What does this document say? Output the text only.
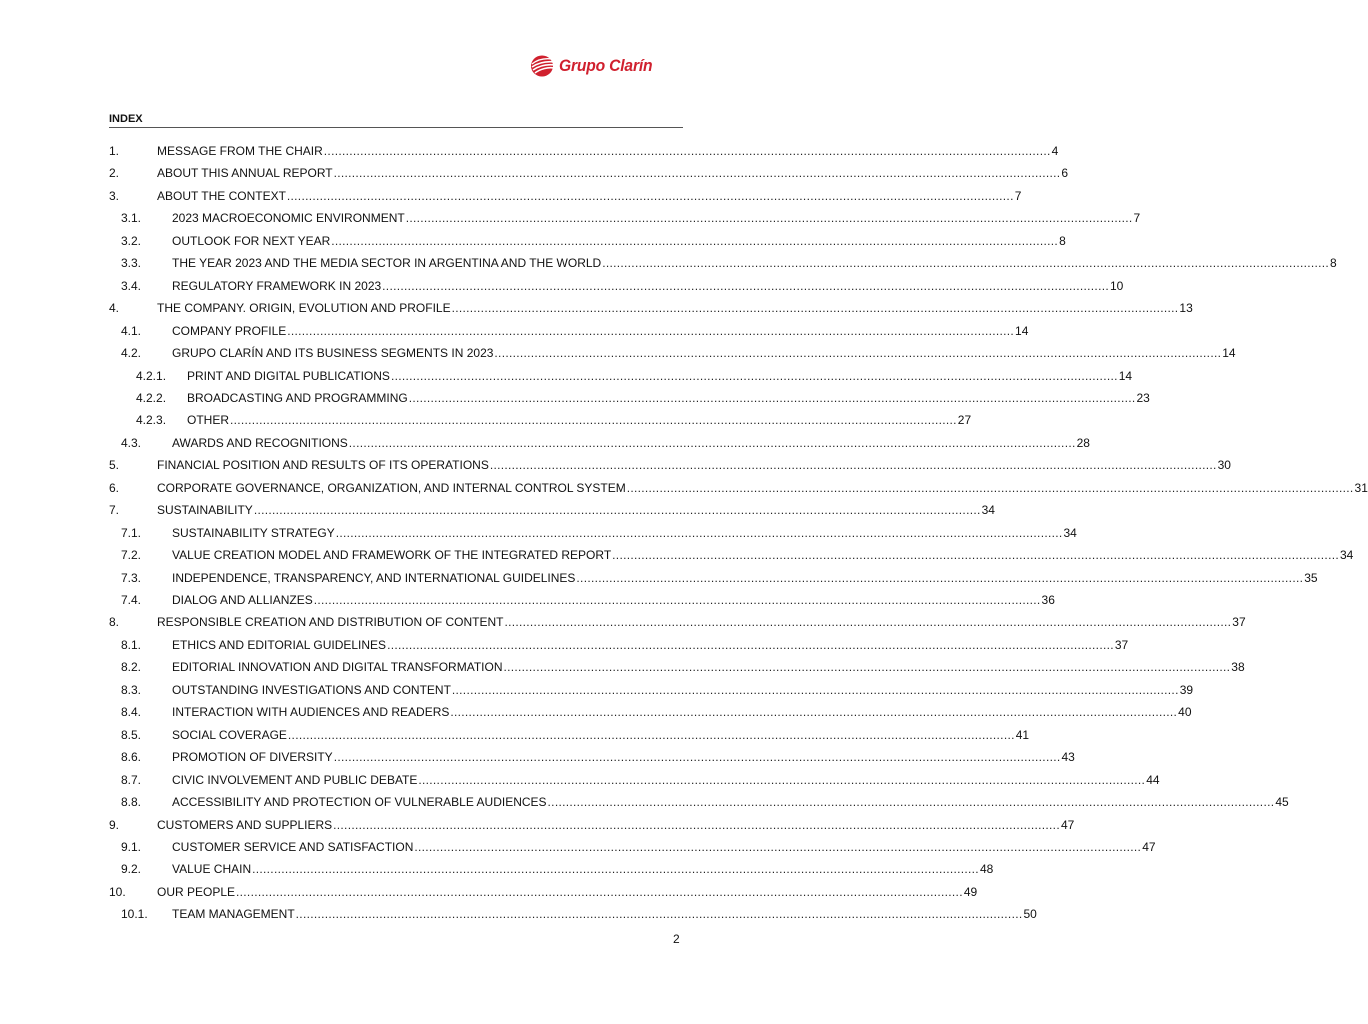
Grupo Clarín
INDEX
1.	MESSAGE FROM THE CHAIR ........................................................................................................................................................................................................ 4
2.	ABOUT THIS ANNUAL REPORT ........................................................................................................................................................................................................ 6
3.	ABOUT THE CONTEXT ........................................................................................................................................................................................................ 7
3.1.	2023 MACROECONOMIC ENVIRONMENT ........................................................................................................................................................................................................ 7
3.2.	OUTLOOK FOR NEXT YEAR ........................................................................................................................................................................................................ 8
3.3.	THE YEAR 2023 AND THE MEDIA SECTOR IN ARGENTINA AND THE WORLD ........................................................................................................................................................................................................ 8
3.4.	REGULATORY FRAMEWORK IN 2023 ........................................................................................................................................................................................................ 10
4.	THE COMPANY. ORIGIN, EVOLUTION AND PROFILE ........................................................................................................................................................................................................ 13
4.1.	COMPANY PROFILE ........................................................................................................................................................................................................ 14
4.2.	GRUPO CLARÍN AND ITS BUSINESS SEGMENTS IN 2023 ........................................................................................................................................................................................................ 14
4.2.1. PRINT AND DIGITAL PUBLICATIONS ........................................................................................................................................................................................................ 14
4.2.2. BROADCASTING AND PROGRAMMING ........................................................................................................................................................................................................ 23
4.2.3. OTHER ........................................................................................................................................................................................................ 27
4.3.	AWARDS AND RECOGNITIONS ........................................................................................................................................................................................................ 28
5.	FINANCIAL POSITION AND RESULTS OF ITS OPERATIONS ........................................................................................................................................................................................................ 30
6.	CORPORATE GOVERNANCE, ORGANIZATION, AND INTERNAL CONTROL SYSTEM ........................................................................................................................................................................................................ 31
7.	SUSTAINABILITY ........................................................................................................................................................................................................ 34
7.1.	SUSTAINABILITY STRATEGY ........................................................................................................................................................................................................ 34
7.2.	VALUE CREATION MODEL AND FRAMEWORK OF THE INTEGRATED REPORT ........................................................................................................................................................................................................ 34
7.3.	INDEPENDENCE, TRANSPARENCY, AND INTERNATIONAL GUIDELINES ........................................................................................................................................................................................................ 35
7.4.	DIALOG AND ALLIANZES ........................................................................................................................................................................................................ 36
8.	RESPONSIBLE CREATION AND DISTRIBUTION OF CONTENT ........................................................................................................................................................................................................ 37
8.1.	ETHICS AND EDITORIAL GUIDELINES ........................................................................................................................................................................................................ 37
8.2.	EDITORIAL INNOVATION AND DIGITAL TRANSFORMATION ........................................................................................................................................................................................................ 38
8.3.	OUTSTANDING INVESTIGATIONS AND CONTENT ........................................................................................................................................................................................................ 39
8.4.	INTERACTION WITH AUDIENCES AND READERS ........................................................................................................................................................................................................ 40
8.5.	SOCIAL COVERAGE ........................................................................................................................................................................................................ 41
8.6.	PROMOTION OF DIVERSITY ........................................................................................................................................................................................................ 43
8.7.	CIVIC INVOLVEMENT AND PUBLIC DEBATE ........................................................................................................................................................................................................ 44
8.8.	ACCESSIBILITY AND PROTECTION OF VULNERABLE AUDIENCES ........................................................................................................................................................................................................ 45
9.	CUSTOMERS AND SUPPLIERS ........................................................................................................................................................................................................ 47
9.1.	CUSTOMER SERVICE AND SATISFACTION ........................................................................................................................................................................................................ 47
9.2.	VALUE CHAIN ........................................................................................................................................................................................................ 48
10.	OUR PEOPLE ........................................................................................................................................................................................................ 49
10.1. TEAM MANAGEMENT ........................................................................................................................................................................................................ 50
2
